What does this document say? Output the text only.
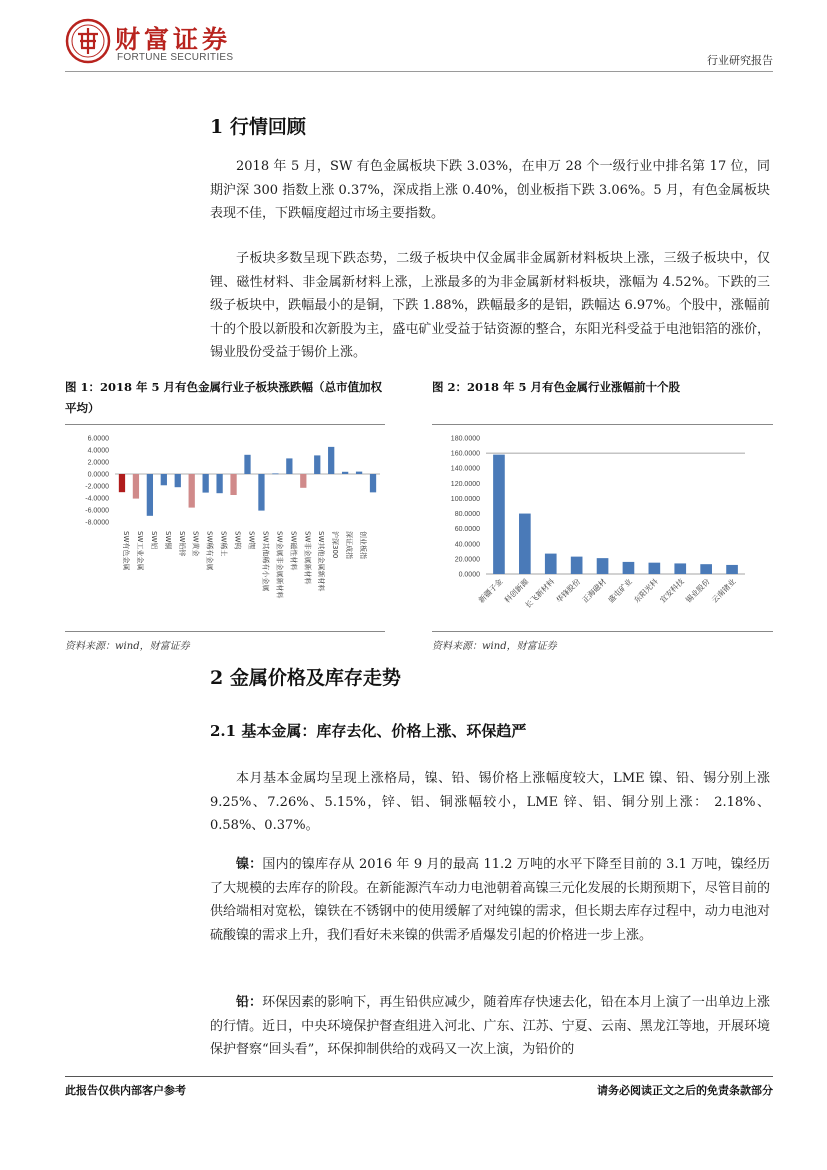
财富证券
FORTUNE SECURITIES	行业研究报告
1 行情回顾

2018 年 5 月，SW 有色金属板块下跌 3.03%，在申万 28 个一级行业中排名第 17 位，同期沪深 300 指数上涨 0.37%，深成指上涨 0.40%，创业板指下跌 3.06%。5 月，有色金属板块表现不佳，下跌幅度超过市场主要指数。

子板块多数呈现下跌态势，二级子板块中仅金属非金属新材料板块上涨，三级子板块中，仅锂、磁性材料、非金属新材料上涨，上涨最多的为非金属新材料板块，涨幅为 4.52%。下跌的三级子板块中，跌幅最小的是铜，下跌 1.88%，跌幅最多的是铝，跌幅达 6.97%。个股中，涨幅前十的个股以新股和次新股为主，盛屯矿业受益于钴资源的整合，东阳光科受益于电池铝箔的涨价，锡业股份受益于锡价上涨。

图 1：2018 年 5 月有色金属行业子板块涨跌幅（总市值加权平均）
图 2：2018 年 5 月有色金属行业涨幅前十个股
6.0000
4.0000
2.0000
0.0000
-2.0000
-4.0000
-6.0000
-8.0000
SW有色金属 SW工业金属 SW铝 SW铜 SW铅锌 SW黄金 SW稀有金属 SW稀土 SW钨 SW锂 SW其他稀有小金属 SW金属非金属新材料 SW磁性材料 SW非金属新材料 SW其他金属新材料 沪深300 深证成指 创业板指
180.0000
160.0000
140.0000
120.0000
100.0000
80.0000
60.0000
40.0000
20.0000
0.0000
新疆子金
科创新源
长飞新材料
华锋股份
正海磁材
盛屯矿业
东阳光科
宜安科技
锡业股份
云南锗业
资料来源：wind，财富证券	资料来源：wind，财富证券
2 金属价格及库存走势
2.1 基本金属：库存去化、价格上涨、环保趋严

本月基本金属均呈现上涨格局，镍、铅、锡价格上涨幅度较大，LME 镍、铅、锡分别上涨 9.25%、7.26%、5.15%，锌、铝、铜涨幅较小，LME 锌、铝、铜分别上涨： 2.18%、0.58%、0.37%。

镍：国内的镍库存从 2016 年 9 月的最高 11.2 万吨的水平下降至目前的 3.1 万吨，镍经历了大规模的去库存的阶段。在新能源汽车动力电池朝着高镍三元化发展的长期预期下，尽管目前的供给端相对宽松，镍铁在不锈钢中的使用缓解了对纯镍的需求，但长期去库存过程中，动力电池对硫酸镍的需求上升，我们看好未来镍的供需矛盾爆发引起的价格进一步上涨。

铅：环保因素的影响下，再生铅供应减少，随着库存快速去化，铅在本月上演了一出单边上涨的行情。近日，中央环境保护督查组进入河北、广东、江苏、宁夏、云南、黑龙江等地，开展环境保护督察“回头看”，环保抑制供给的戏码又一次上演，为铅价的

此报告仅供内部客户参考	请务必阅读正文之后的免责条款部分
